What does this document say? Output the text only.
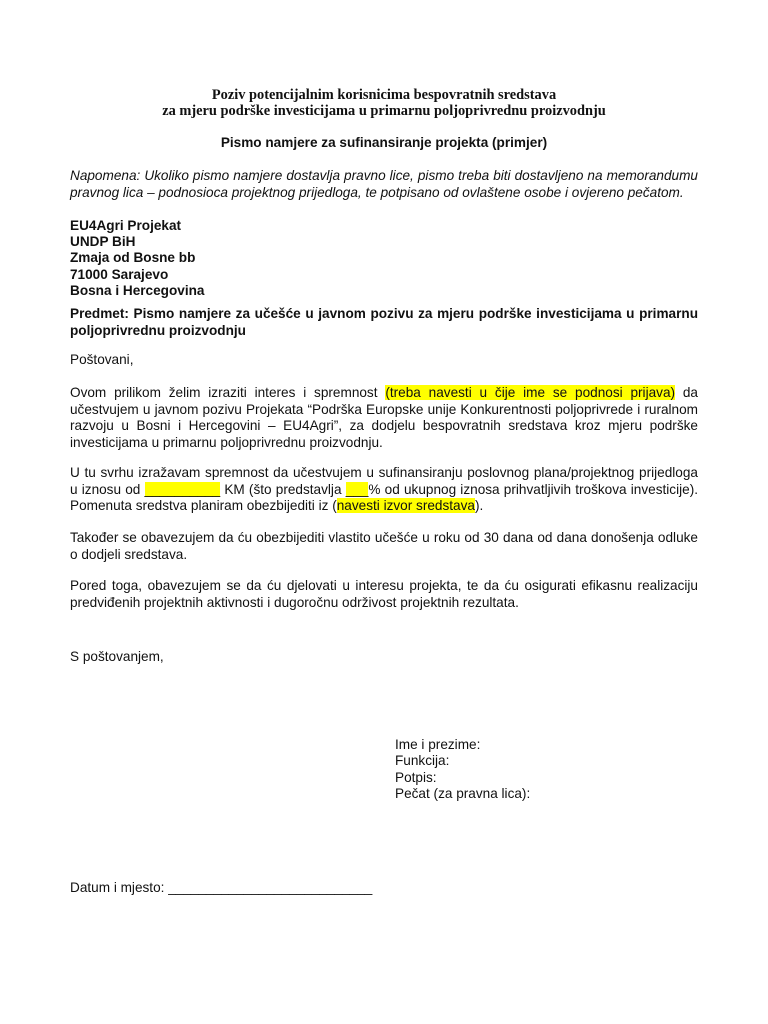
Poziv potencijalnim korisnicima bespovratnih sredstava
za mjeru podrške investicijama u primarnu poljoprivrednu proizvodnju
Pismo namjere za sufinansiranje projekta (primjer)
Napomena: Ukoliko pismo namjere dostavlja pravno lice, pismo treba biti dostavljeno na memorandumu pravnog lica – podnosioca projektnog prijedloga, te potpisano od ovlaštene osobe i ovjereno pečatom.
EU4Agri Projekat
UNDP BiH
Zmaja od Bosne bb
71000 Sarajevo
Bosna i Hercegovina
Predmet: Pismo namjere za učešće u javnom pozivu za mjeru podrške investicijama u primarnu poljoprivrednu proizvodnju
Poštovani,
Ovom prilikom želim izraziti interes i spremnost (treba navesti u čije ime se podnosi prijava) da učestvujem u javnom pozivu Projekata “Podrška Europske unije Konkurentnosti poljoprivrede i ruralnom razvoju u Bosni i Hercegovini – EU4Agri”, za dodjelu bespovratnih sredstava kroz mjeru podrške investicijama u primarnu poljoprivrednu proizvodnju.
U tu svrhu izražavam spremnost da učestvujem u sufinansiranju poslovnog plana/projektnog prijedloga u iznosu od __________ KM (što predstavlja ___% od ukupnog iznosa prihvatljivih troškova investicije). Pomenuta sredstva planiram obezbijediti iz (navesti izvor sredstava).
Također se obavezujem da ću obezbijediti vlastito učešće u roku od 30 dana od dana donošenja odluke o dodjeli sredstava.
Pored toga, obavezujem se da ću djelovati u interesu projekta, te da ću osigurati efikasnu realizaciju predviđenih projektnih aktivnosti i dugoročnu održivost projektnih rezultata.
S poštovanjem,
Ime i prezime:
Funkcija:
Potpis:
Pečat (za pravna lica):
Datum i mjesto: ___________________________
